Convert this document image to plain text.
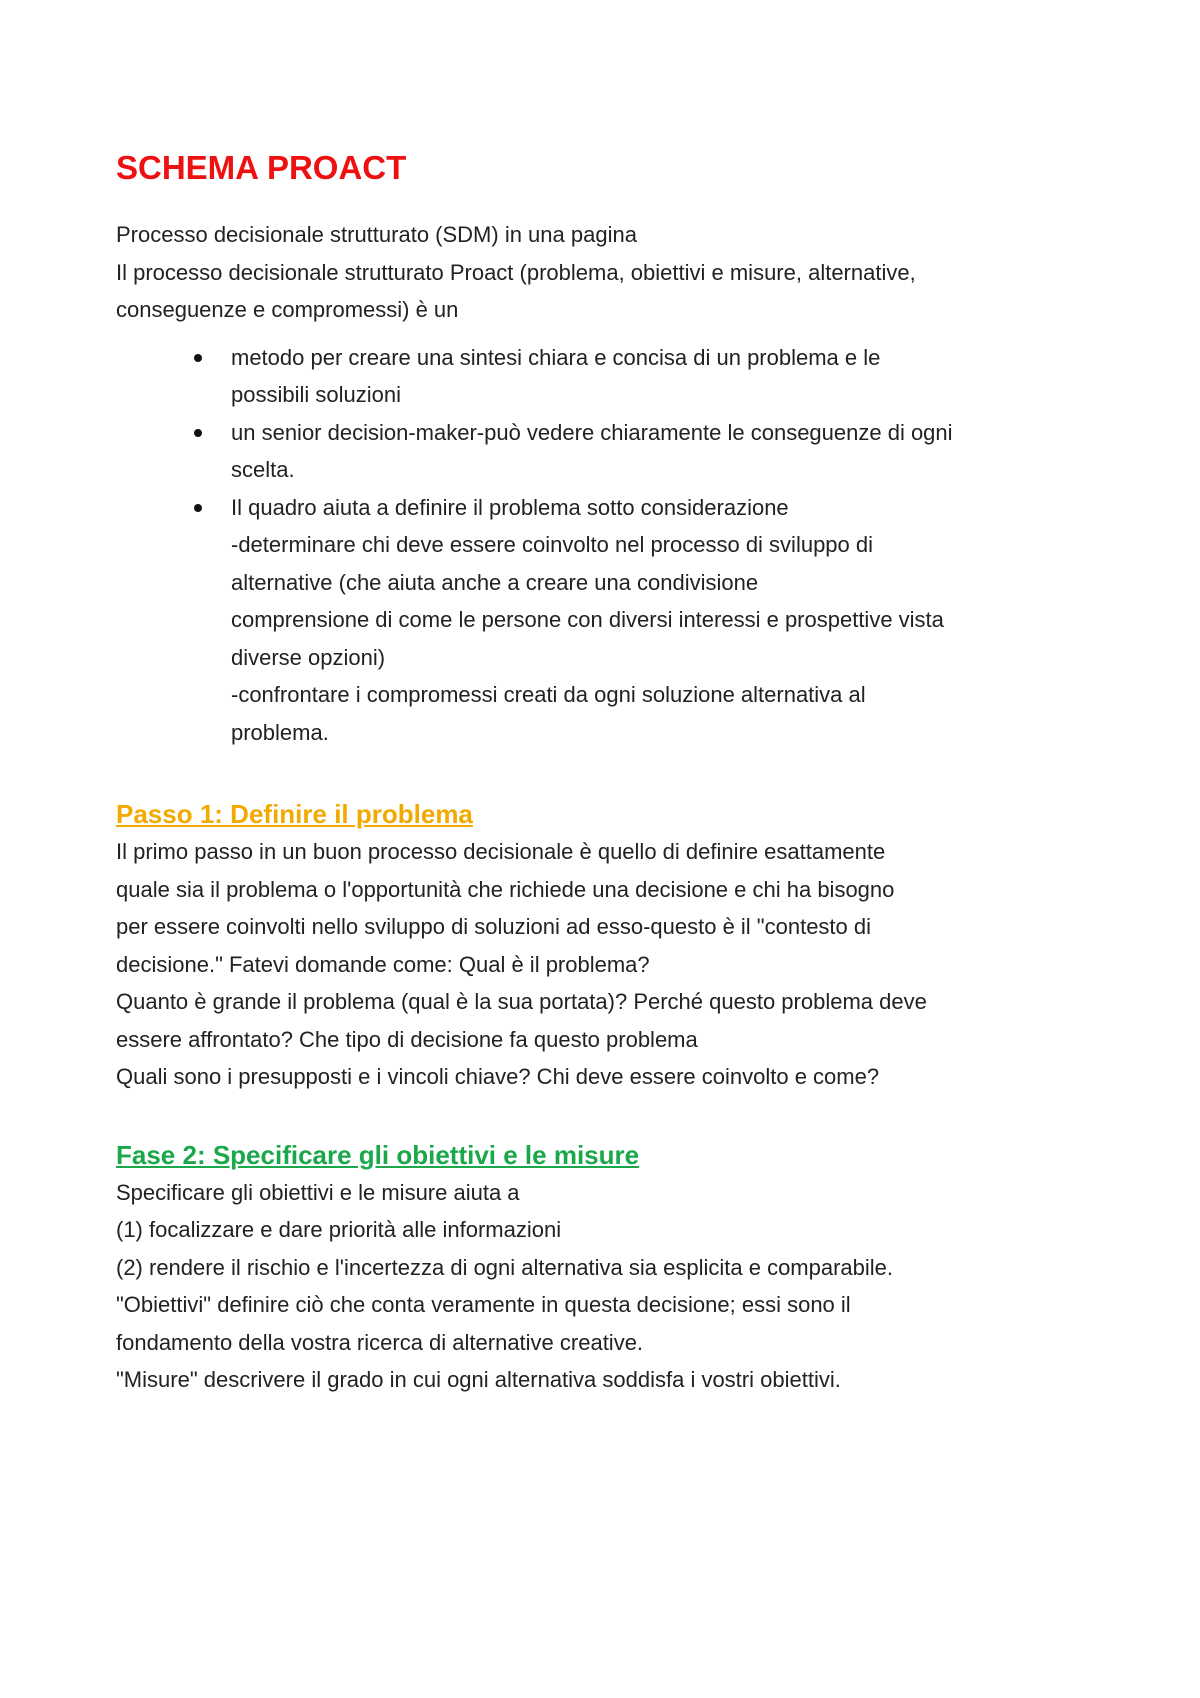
SCHEMA PROACT

Processo decisionale strutturato (SDM) in una pagina

Il processo decisionale strutturato Proact (problema, obiettivi e misure, alternative,

conseguenze e compromessi) è un

metodo per creare una sintesi chiara e concisa di un problema e le
possibili soluzioni
un senior decision-maker-può vedere chiaramente le conseguenze di ogni
scelta.
Il quadro aiuta a definire il problema sotto considerazione
-determinare chi deve essere coinvolto nel processo di sviluppo di
alternative (che aiuta anche a creare una condivisione
comprensione di come le persone con diversi interessi e prospettive vista
diverse opzioni)
-confrontare i compromessi creati da ogni soluzione alternativa al
problema.
Passo 1: Definire il problema

Il primo passo in un buon processo decisionale è quello di definire esattamente

quale sia il problema o l'opportunità che richiede una decisione e chi ha bisogno

per essere coinvolti nello sviluppo di soluzioni ad esso-questo è il "contesto di

decisione." Fatevi domande come: Qual è il problema?

Quanto è grande il problema (qual è la sua portata)? Perché questo problema deve

essere affrontato? Che tipo di decisione fa questo problema

Quali sono i presupposti e i vincoli chiave? Chi deve essere coinvolto e come?

Fase 2: Specificare gli obiettivi e le misure

Specificare gli obiettivi e le misure aiuta a

(1) focalizzare e dare priorità alle informazioni

(2) rendere il rischio e l'incertezza di ogni alternativa sia esplicita e comparabile.

"Obiettivi" definire ciò che conta veramente in questa decisione; essi sono il

fondamento della vostra ricerca di alternative creative.

"Misure" descrivere il grado in cui ogni alternativa soddisfa i vostri obiettivi.
